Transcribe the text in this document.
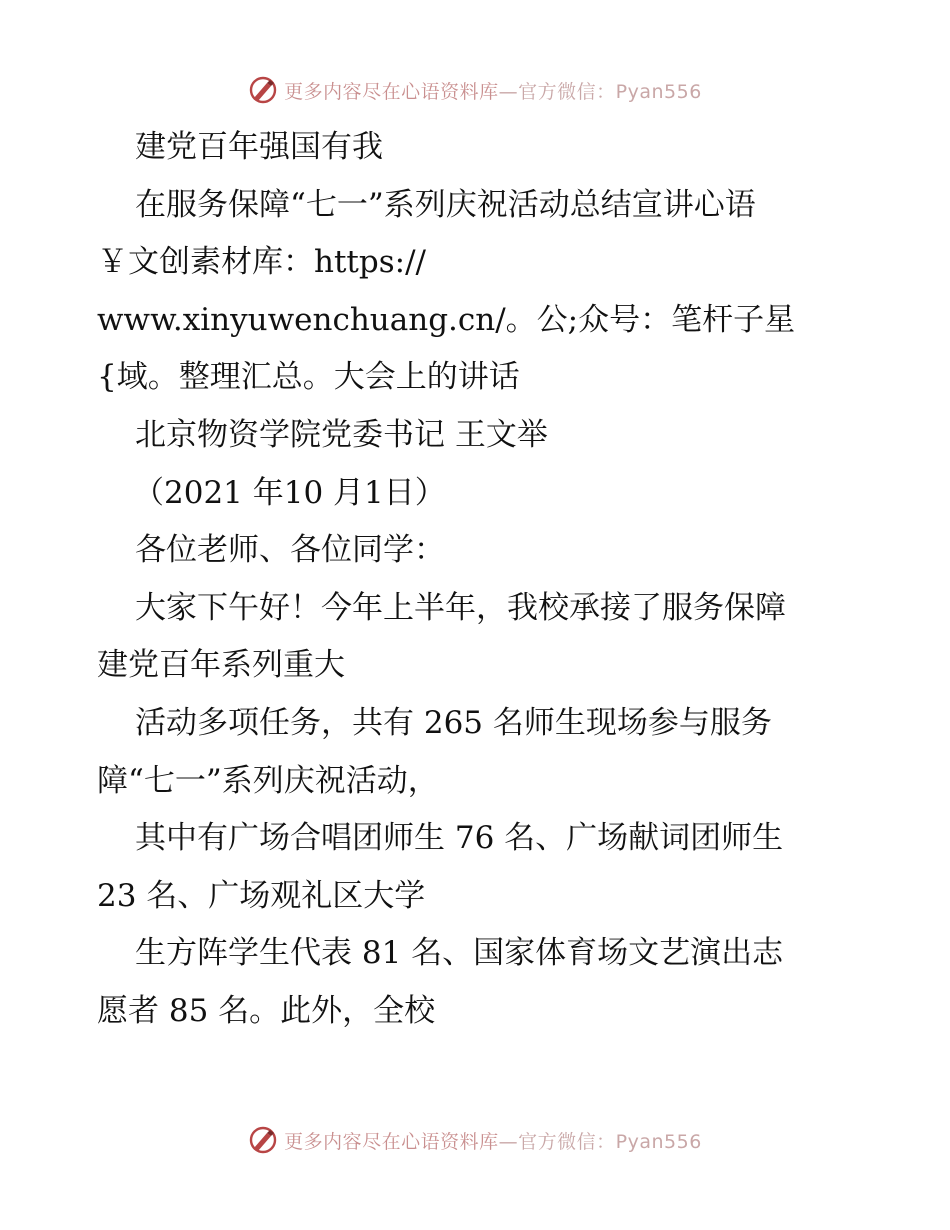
更多内容尽在心语资料库—官方微信：Pyan556
建党百年强国有我
在服务保障“七一”系列庆祝活动总结宣讲心语
￥文创素材库：https://
www.xinyuwenchuang.cn/。公;众号：笔杆子星
{域。整理汇总。大会上的讲话
北京物资学院党委书记 王文举
（2021 年10 月1日）
各位老师、各位同学：
大家下午好！今年上半年，我校承接了服务保障
建党百年系列重大
活动多项任务，共有 265 名师生现场参与服务
障“七一”系列庆祝活动，
其中有广场合唱团师生 76 名、广场献词团师生
23 名、广场观礼区大学
生方阵学生代表 81 名、国家体育场文艺演出志
愿者 85 名。此外，全校
更多内容尽在心语资料库—官方微信：Pyan556
